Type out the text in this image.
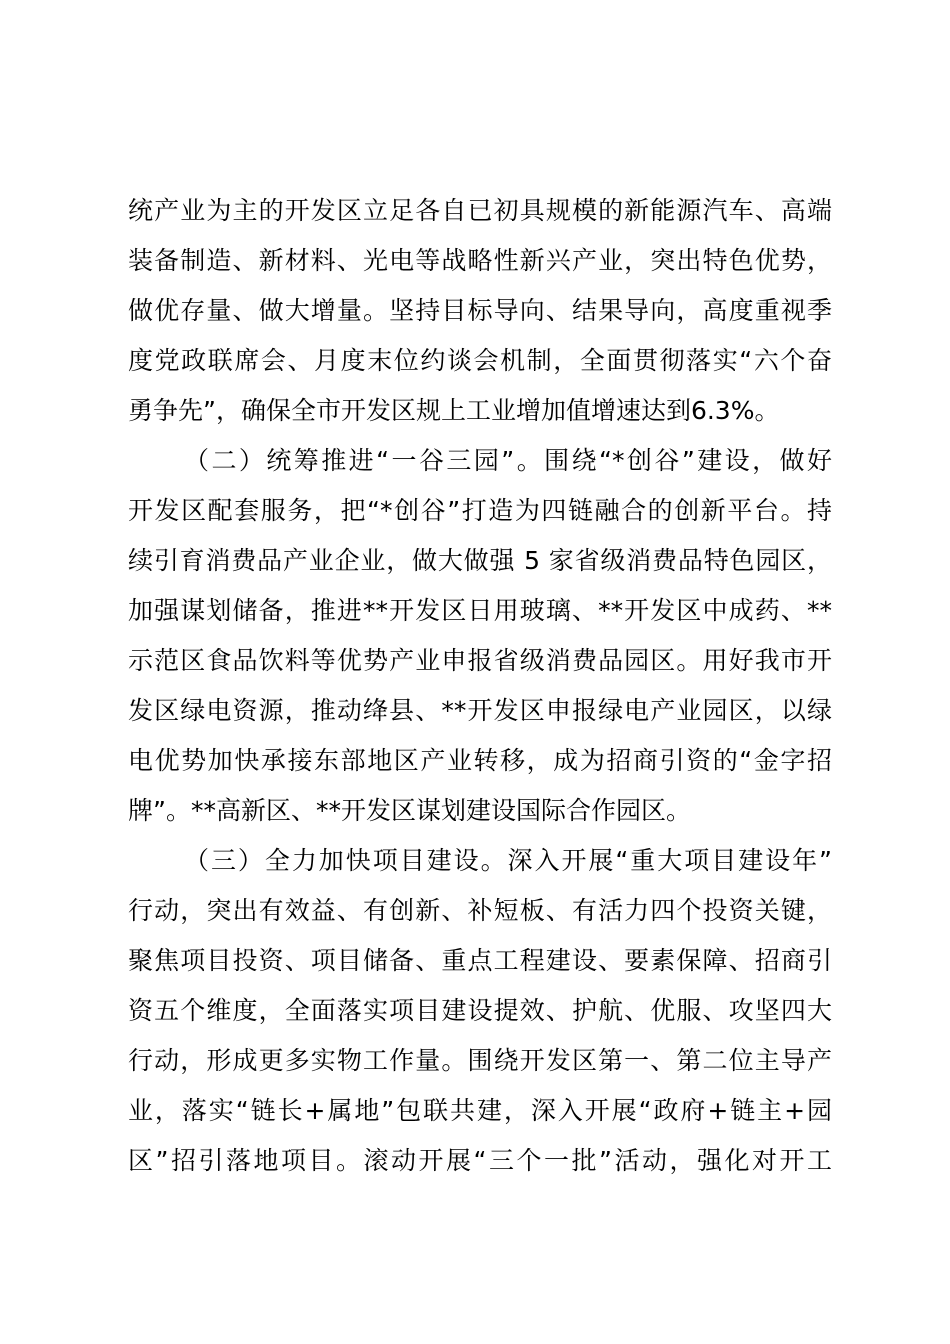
统产业为主的开发区立足各自已初具规模的新能源汽车、高端
装备制造、新材料、光电等战略性新兴产业，突出特色优势，
做优存量、做大增量。坚持目标导向、结果导向，高度重视季
度党政联席会、月度末位约谈会机制，全面贯彻落实“六个奋
勇争先”，确保全市开发区规上工业增加值增速达到6.3%。
（二）统筹推进“一谷三园”。围绕“*创谷”建设，做好
开发区配套服务，把“*创谷”打造为四链融合的创新平台。持
续引育消费品产业企业，做大做强 5 家省级消费品特色园区，
加强谋划储备，推进**开发区日用玻璃、**开发区中成药、**
示范区食品饮料等优势产业申报省级消费品园区。用好我市开
发区绿电资源，推动绛县、**开发区申报绿电产业园区，以绿
电优势加快承接东部地区产业转移，成为招商引资的“金字招
牌”。**高新区、**开发区谋划建设国际合作园区。
（三）全力加快项目建设。深入开展“重大项目建设年”
行动，突出有效益、有创新、补短板、有活力四个投资关键，
聚焦项目投资、项目储备、重点工程建设、要素保障、招商引
资五个维度，全面落实项目建设提效、护航、优服、攻坚四大
行动，形成更多实物工作量。围绕开发区第一、第二位主导产
业，落实“链长+属地”包联共建，深入开展“政府+链主+园
区”招引落地项目。滚动开展“三个一批”活动，强化对开工
